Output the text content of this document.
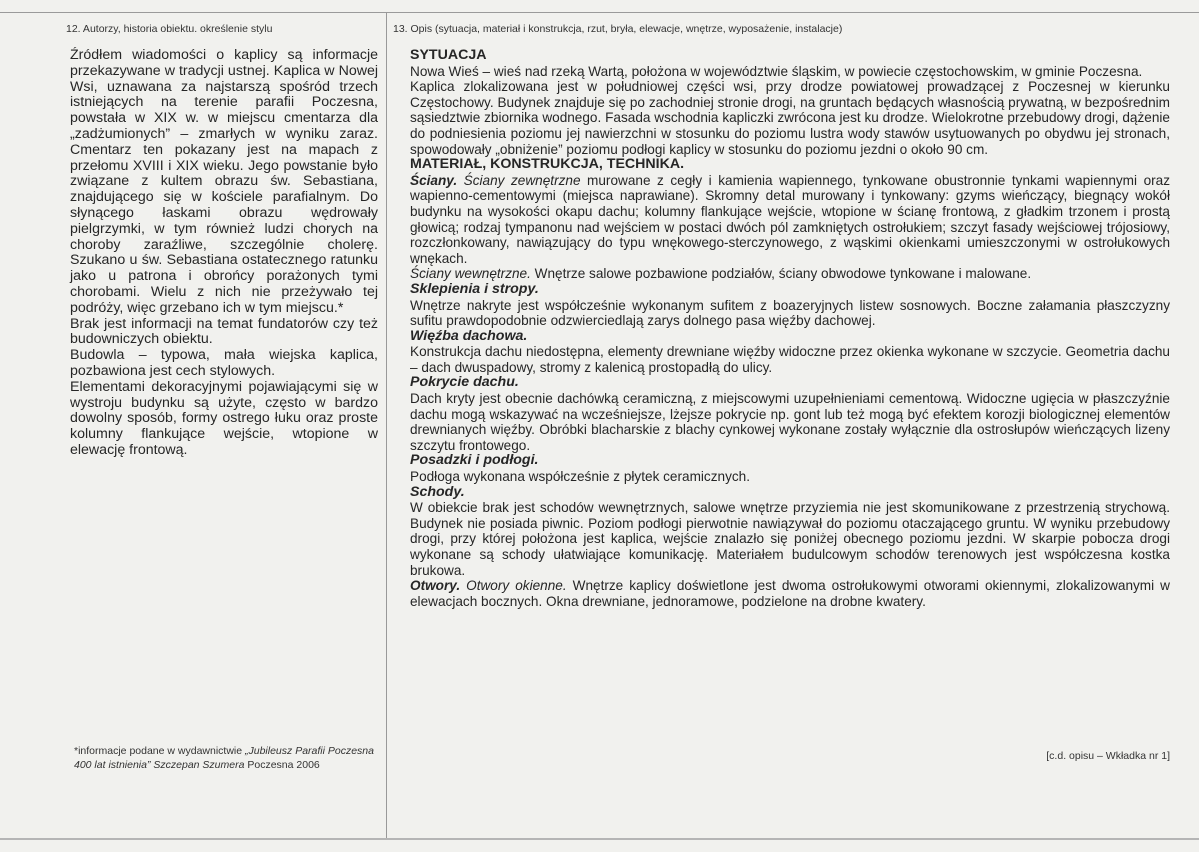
12. Autorzy, historia obiektu. określenie stylu

Źródłem wiadomości o kaplicy są informacje przekazywane w tradycji ustnej. Kaplica w Nowej Wsi, uznawana za najstarszą spośród trzech istniejących na terenie parafii Poczesna, powstała w XIX w. w miejscu cmentarza dla „zadżumionych” – zmarłych w wyniku zaraz. Cmentarz ten pokazany jest na mapach z przełomu XVIII i XIX wieku. Jego powstanie było związane z kultem obrazu św. Sebastiana, znajdującego się w kościele parafialnym. Do słynącego łaskami obrazu wędrowały pielgrzymki, w tym również ludzi chorych na choroby zaraźliwe, szczególnie cholerę. Szukano u św. Sebastiana ostatecznego ratunku jako u patrona i obrońcy porażonych tymi chorobami. Wielu z nich nie przeżywało tej podróży, więc grzebano ich w tym miejscu.*

Brak jest informacji na temat fundatorów czy też budowniczych obiektu.

Budowla – typowa, mała wiejska kaplica, pozbawiona jest cech stylowych.

Elementami dekoracyjnymi pojawiającymi się w wystroju budynku są użyte, często w bardzo dowolny sposób, formy ostrego łuku oraz proste kolumny flankujące wejście, wtopione w elewację frontową.

*informacje podane w wydawnictwie „Jubileusz Parafii Poczesna 400 lat istnienia” Szczepan Szumera Poczesna 2006
13. Opis (sytuacja, materiał i konstrukcja, rzut, bryła, elewacje, wnętrze, wyposażenie, instalacje)

SYTUACJA

Nowa Wieś – wieś nad rzeką Wartą, położona w województwie śląskim, w powiecie częstochowskim, w gminie Poczesna.

Kaplica zlokalizowana jest w południowej części wsi, przy drodze powiatowej prowadzącej z Poczesnej w kierunku Częstochowy. Budynek znajduje się po zachodniej stronie drogi, na gruntach będących własnością prywatną, w bezpośrednim sąsiedztwie zbiornika wodnego. Fasada wschodnia kapliczki zwrócona jest ku drodze. Wielokrotne przebudowy drogi, dążenie do podniesienia poziomu jej nawierzchni w stosunku do poziomu lustra wody stawów usytuowanych po obydwu jej stronach, spowodowały „obniżenie” poziomu podłogi kaplicy w stosunku do poziomu jezdni o około 90 cm.

MATERIAŁ, KONSTRUKCJA, TECHNIKA.

Ściany. Ściany zewnętrzne murowane z cegły i kamienia wapiennego, tynkowane obustronnie tynkami wapiennymi oraz wapienno-cementowymi (miejsca naprawiane). Skromny detal murowany i tynkowany: gzyms wieńczący, biegnący wokół budynku na wysokości okapu dachu; kolumny flankujące wejście, wtopione w ścianę frontową, z gładkim trzonem i prostą głowicą; rodzaj tympanonu nad wejściem w postaci dwóch pól zamkniętych ostrołukiem; szczyt fasady wejściowej trójosiowy, rozczłonkowany, nawiązujący do typu wnękowego-sterczynowego, z wąskimi okienkami umieszczonymi w ostrołukowych wnękach.

Ściany wewnętrzne. Wnętrze salowe pozbawione podziałów, ściany obwodowe tynkowane i malowane.

Sklepienia i stropy.

Wnętrze nakryte jest współcześnie wykonanym sufitem z boazeryjnych listew sosnowych. Boczne załamania płaszczyzny sufitu prawdopodobnie odzwierciedlają zarys dolnego pasa więźby dachowej.

Więźba dachowa.

Konstrukcja dachu niedostępna, elementy drewniane więźby widoczne przez okienka wykonane w szczycie. Geometria dachu – dach dwuspadowy, stromy z kalenicą prostopadłą do ulicy.

Pokrycie dachu.

Dach kryty jest obecnie dachówką ceramiczną, z miejscowymi uzupełnieniami cementową. Widoczne ugięcia w płaszczyźnie dachu mogą wskazywać na wcześniejsze, lżejsze pokrycie np. gont lub też mogą być efektem korozji biologicznej elementów drewnianych więźby. Obróbki blacharskie z blachy cynkowej wykonane zostały wyłącznie dla ostrosłupów wieńczących lizeny szczytu frontowego.

Posadzki i podłogi.

Podłoga wykonana współcześnie z płytek ceramicznych.

Schody.

W obiekcie brak jest schodów wewnętrznych, salowe wnętrze przyziemia nie jest skomunikowane z przestrzenią strychową. Budynek nie posiada piwnic. Poziom podłogi pierwotnie nawiązywał do poziomu otaczającego gruntu. W wyniku przebudowy drogi, przy której położona jest kaplica, wejście znalazło się poniżej obecnego poziomu jezdni. W skarpie pobocza drogi wykonane są schody ułatwiające komunikację. Materiałem budulcowym schodów terenowych jest współczesna kostka brukowa.

Otwory. Otwory okienne. Wnętrze kaplicy doświetlone jest dwoma ostrołukowymi otworami okiennymi, zlokalizowanymi w elewacjach bocznych. Okna drewniane, jednoramowe, podzielone na drobne kwatery.

[c.d. opisu – Wkładka nr 1]
